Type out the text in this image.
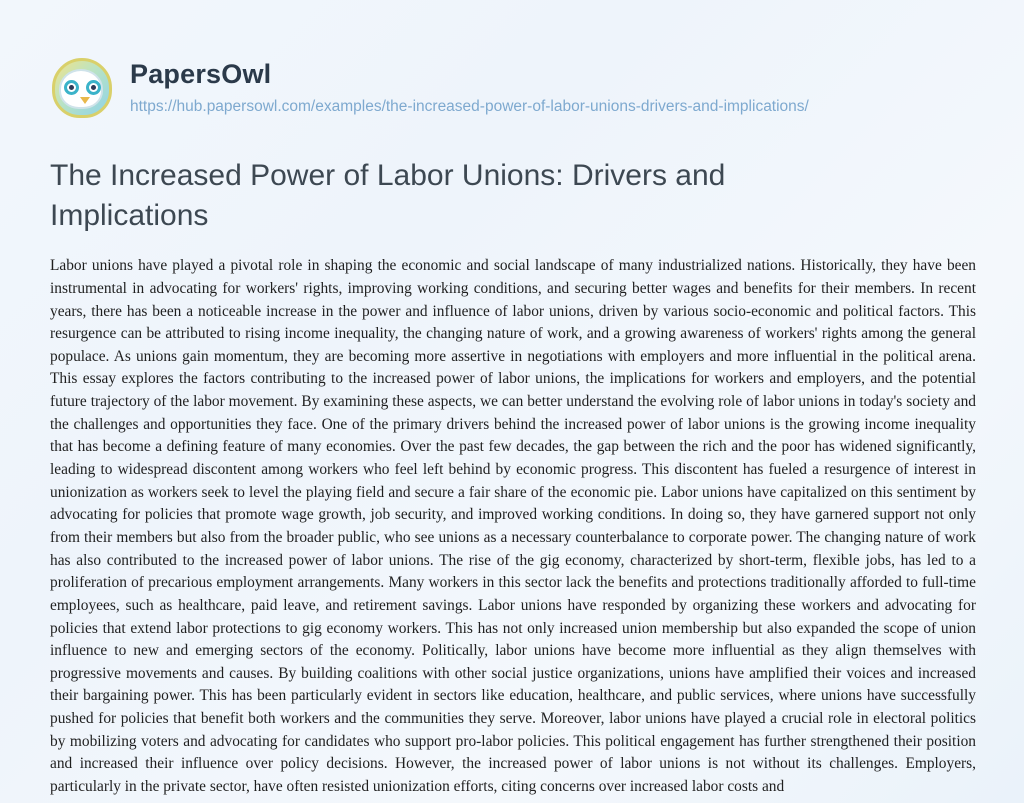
PapersOwl
https://hub.papersowl.com/examples/the-increased-power-of-labor-unions-drivers-and-implications/
The Increased Power of Labor Unions: Drivers and Implications
Labor unions have played a pivotal role in shaping the economic and social landscape of many industrialized nations. Historically, they have been instrumental in advocating for workers' rights, improving working conditions, and securing better wages and benefits for their members. In recent years, there has been a noticeable increase in the power and influence of labor unions, driven by various socio-economic and political factors. This resurgence can be attributed to rising income inequality, the changing nature of work, and a growing awareness of workers' rights among the general populace. As unions gain momentum, they are becoming more assertive in negotiations with employers and more influential in the political arena. This essay explores the factors contributing to the increased power of labor unions, the implications for workers and employers, and the potential future trajectory of the labor movement. By examining these aspects, we can better understand the evolving role of labor unions in today's society and the challenges and opportunities they face. One of the primary drivers behind the increased power of labor unions is the growing income inequality that has become a defining feature of many economies. Over the past few decades, the gap between the rich and the poor has widened significantly, leading to widespread discontent among workers who feel left behind by economic progress. This discontent has fueled a resurgence of interest in unionization as workers seek to level the playing field and secure a fair share of the economic pie. Labor unions have capitalized on this sentiment by advocating for policies that promote wage growth, job security, and improved working conditions. In doing so, they have garnered support not only from their members but also from the broader public, who see unions as a necessary counterbalance to corporate power. The changing nature of work has also contributed to the increased power of labor unions. The rise of the gig economy, characterized by short-term, flexible jobs, has led to a proliferation of precarious employment arrangements. Many workers in this sector lack the benefits and protections traditionally afforded to full-time employees, such as healthcare, paid leave, and retirement savings. Labor unions have responded by organizing these workers and advocating for policies that extend labor protections to gig economy workers. This has not only increased union membership but also expanded the scope of union influence to new and emerging sectors of the economy. Politically, labor unions have become more influential as they align themselves with progressive movements and causes. By building coalitions with other social justice organizations, unions have amplified their voices and increased their bargaining power. This has been particularly evident in sectors like education, healthcare, and public services, where unions have successfully pushed for policies that benefit both workers and the communities they serve. Moreover, labor unions have played a crucial role in electoral politics by mobilizing voters and advocating for candidates who support pro-labor policies. This political engagement has further strengthened their position and increased their influence over policy decisions. However, the increased power of labor unions is not without its challenges. Employers, particularly in the private sector, have often resisted unionization efforts, citing concerns over increased labor costs and
